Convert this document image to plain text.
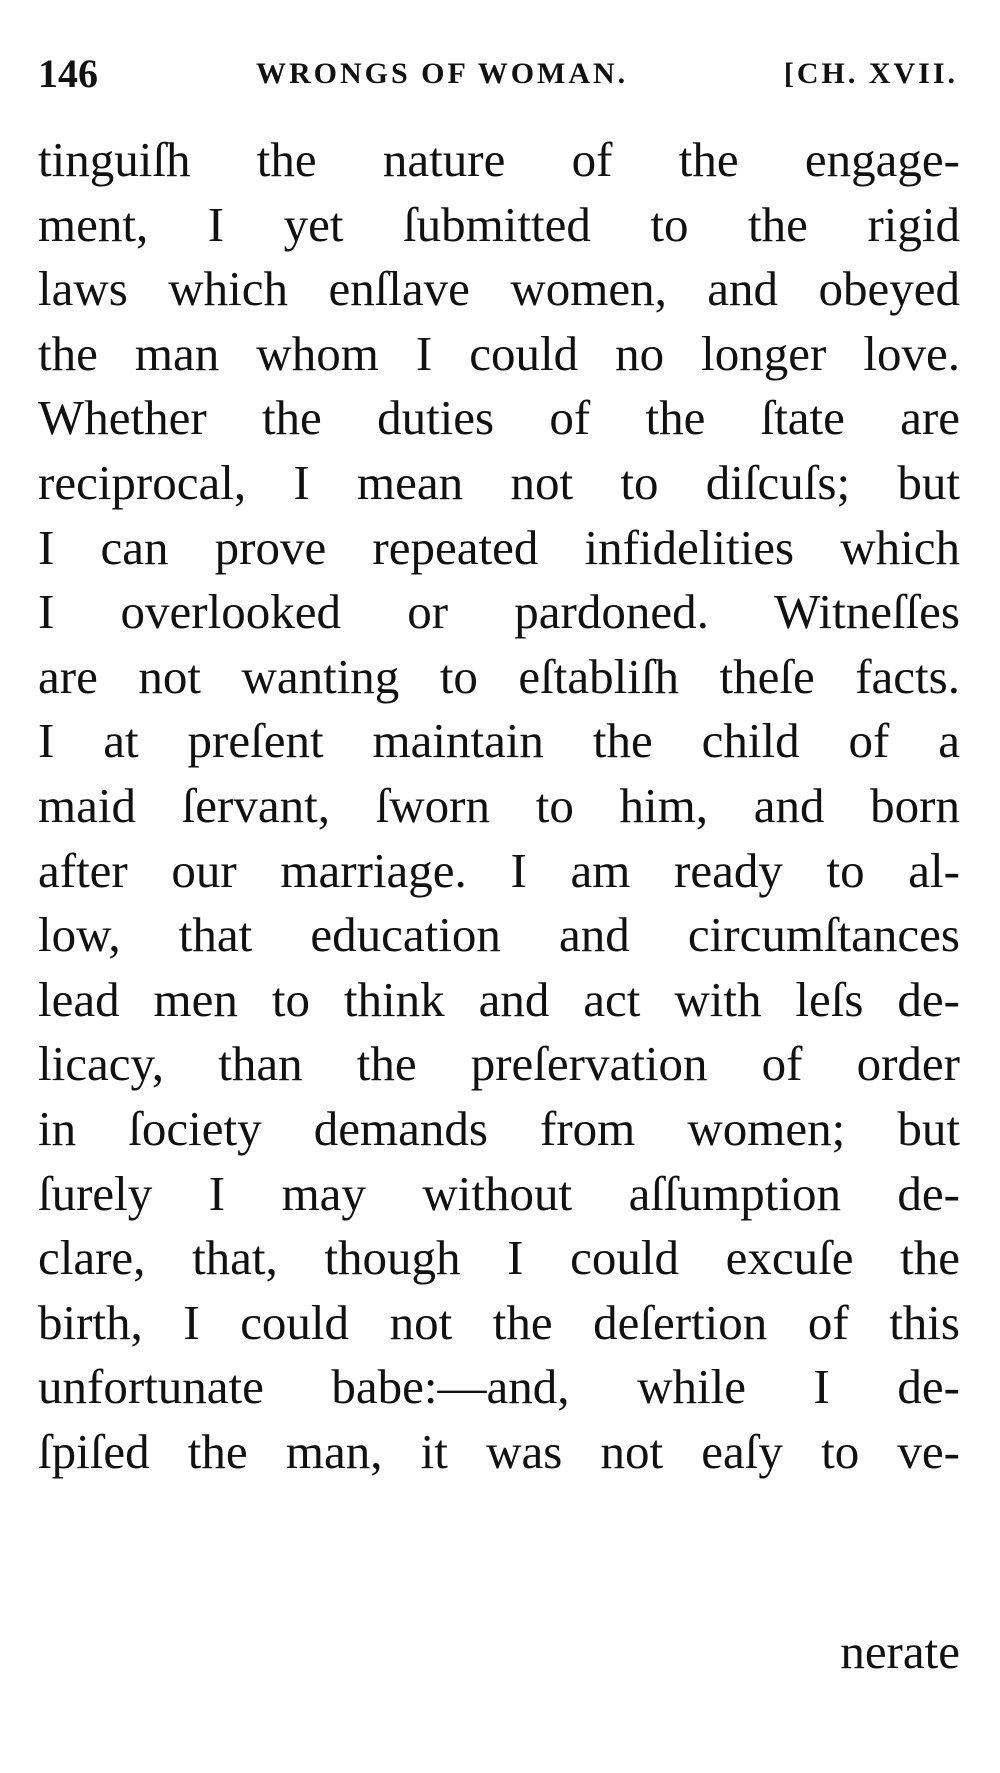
146	WRONGS OF WOMAN.	[CH. XVII.
tinguiſh the nature of the engage-
ment, I yet ſubmitted to the rigid
laws which enſlave women, and obeyed
the man whom I could no longer love.
Whether the duties of the ſtate are
reciprocal, I mean not to diſcuſs; but
I can prove repeated infidelities which
I overlooked or pardoned. Witneſſes
are not wanting to eſtabliſh theſe facts.
I at preſent maintain the child of a
maid ſervant, ſworn to him, and born
after our marriage. I am ready to al-
low, that education and circumſtances
lead men to think and act with leſs de-
licacy, than the preſervation of order
in ſociety demands from women; but
ſurely I may without aſſumption de-
clare, that, though I could excuſe the
birth, I could not the deſertion of this
unfortunate babe:—and, while I de-
ſpiſed the man, it was not eaſy to ve-
nerate
